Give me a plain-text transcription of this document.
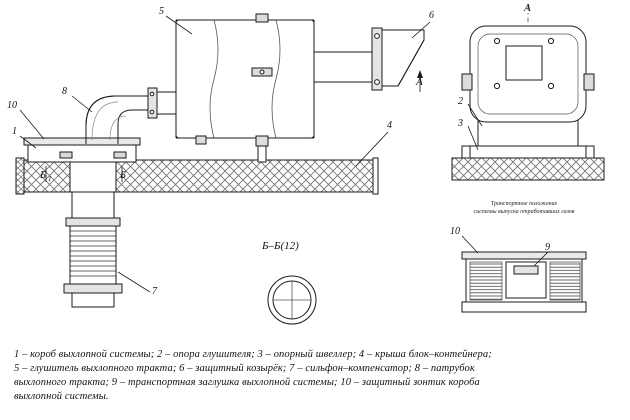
5	6
8
10
1
4
7
2
3
9
10
A
A
Б–Б(12)
Б 1	Б
Транспортное положение
системы выпуска отработавших газов
1 – короб выхлопной системы; 2 – опора глушителя; 3 – опорный швеллер; 4 – крыша блок–контейнера;
5 – глушитель выхлопного тракта; 6 – защитный козырёк; 7 – сильфон–компенсатор; 8 – патрубок
выхлопного тракта; 9 – транспортная заглушка выхлопной системы; 10 – защитный зонтик короба
выхлопной системы.
